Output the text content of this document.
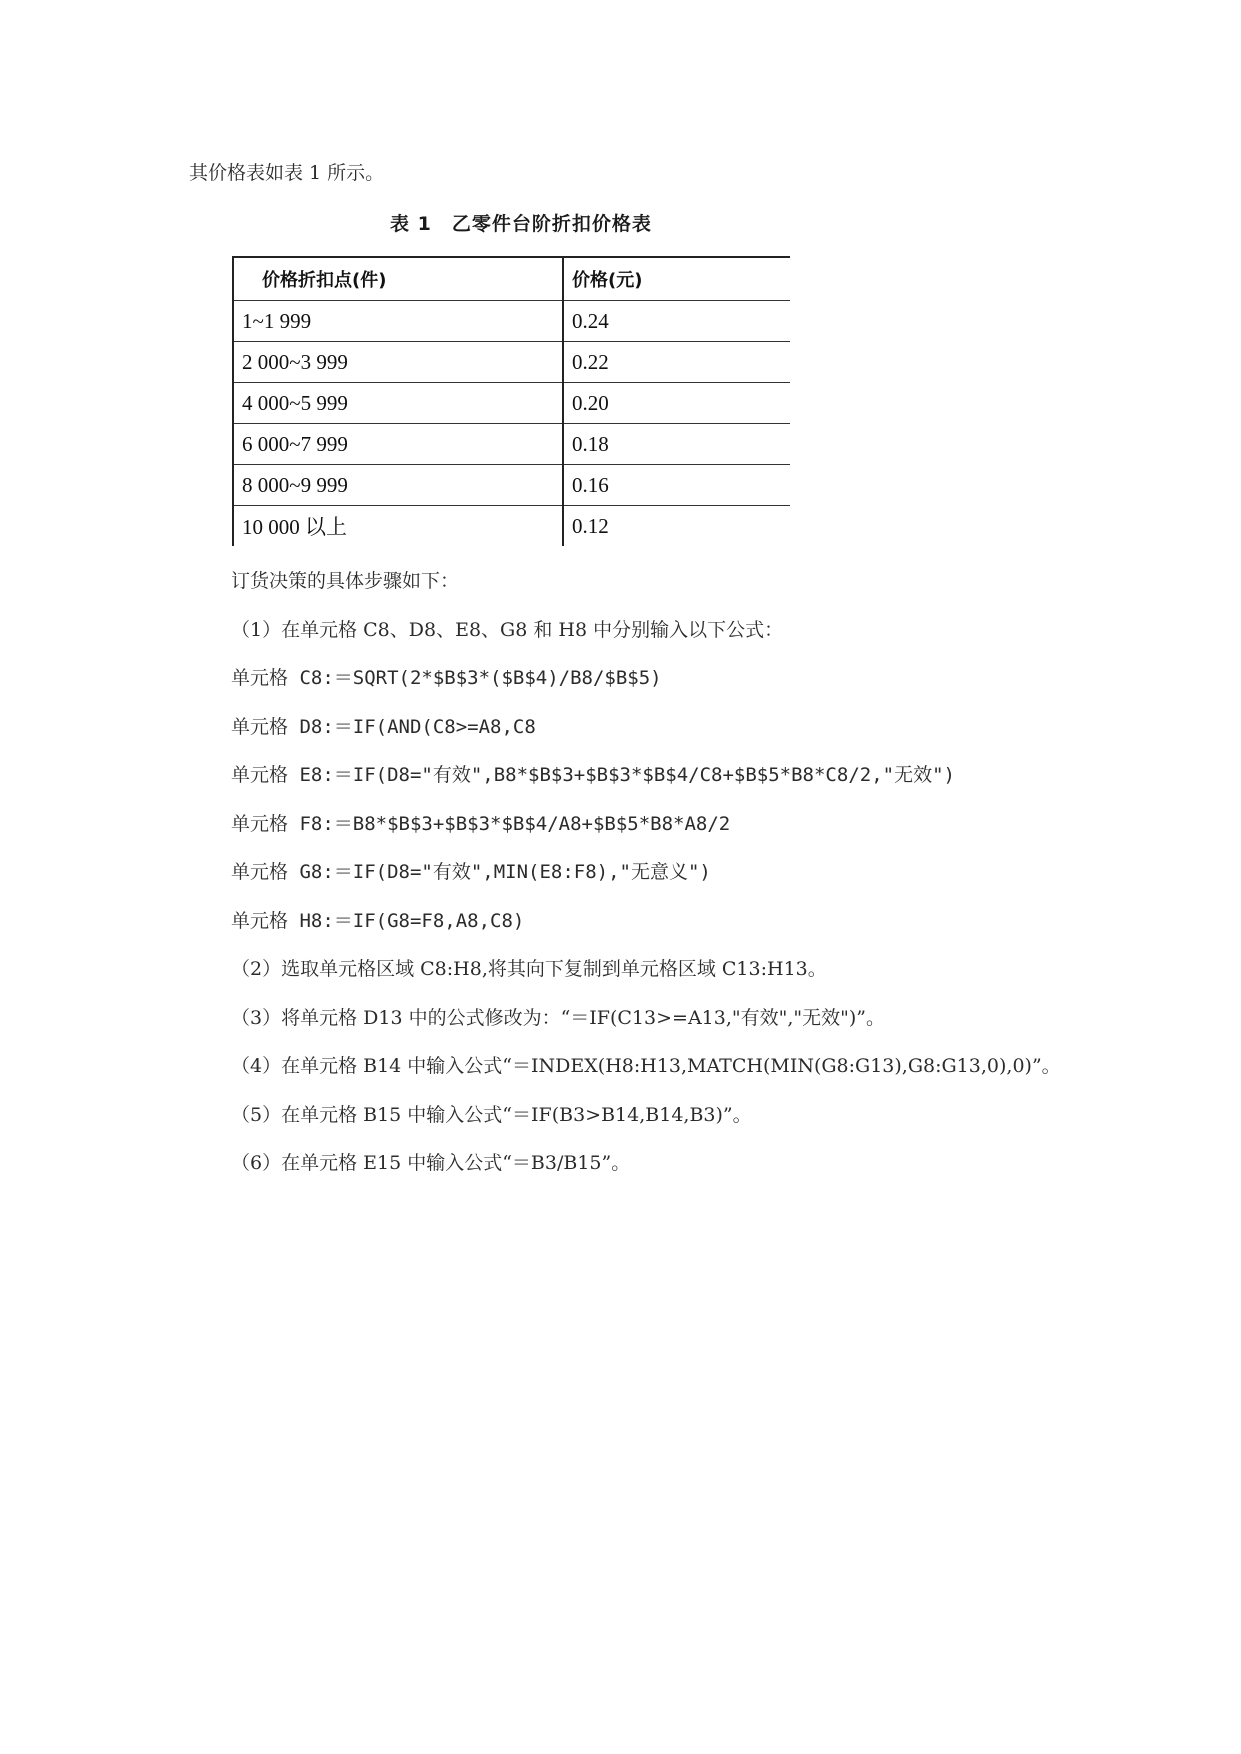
其价格表如表 1 所示。
表 1　乙零件台阶折扣价格表
价格折扣点(件)	价格(元)
1~1 999	0.24
2 000~3 999	0.22
4 000~5 999	0.20
6 000~7 999	0.18
8 000~9 999	0.16
10 000 以上	0.12
订货决策的具体步骤如下：
（1）在单元格 C8、D8、E8、G8 和 H8 中分别输入以下公式：
单元格 C8:＝SQRT(2*$B$3*($B$4)/B8/$B$5)
单元格 D8:＝IF(AND(C8>=A8,C8
单元格 E8:＝IF(D8="有效",B8*$B$3+$B$3*$B$4/C8+$B$5*B8*C8/2,"无效")
单元格 F8:＝B8*$B$3+$B$3*$B$4/A8+$B$5*B8*A8/2
单元格 G8:＝IF(D8="有效",MIN(E8:F8),"无意义")
单元格 H8:＝IF(G8=F8,A8,C8)
（2）选取单元格区域 C8:H8,将其向下复制到单元格区域 C13:H13。
（3）将单元格 D13 中的公式修改为：“＝IF(C13>=A13,"有效","无效")”。
（4）在单元格 B14 中输入公式“＝INDEX(H8:H13,MATCH(MIN(G8:G13),G8:G13,0),0)”。
（5）在单元格 B15 中输入公式“＝IF(B3>B14,B14,B3)”。
（6）在单元格 E15 中输入公式“＝B3/B15”。
